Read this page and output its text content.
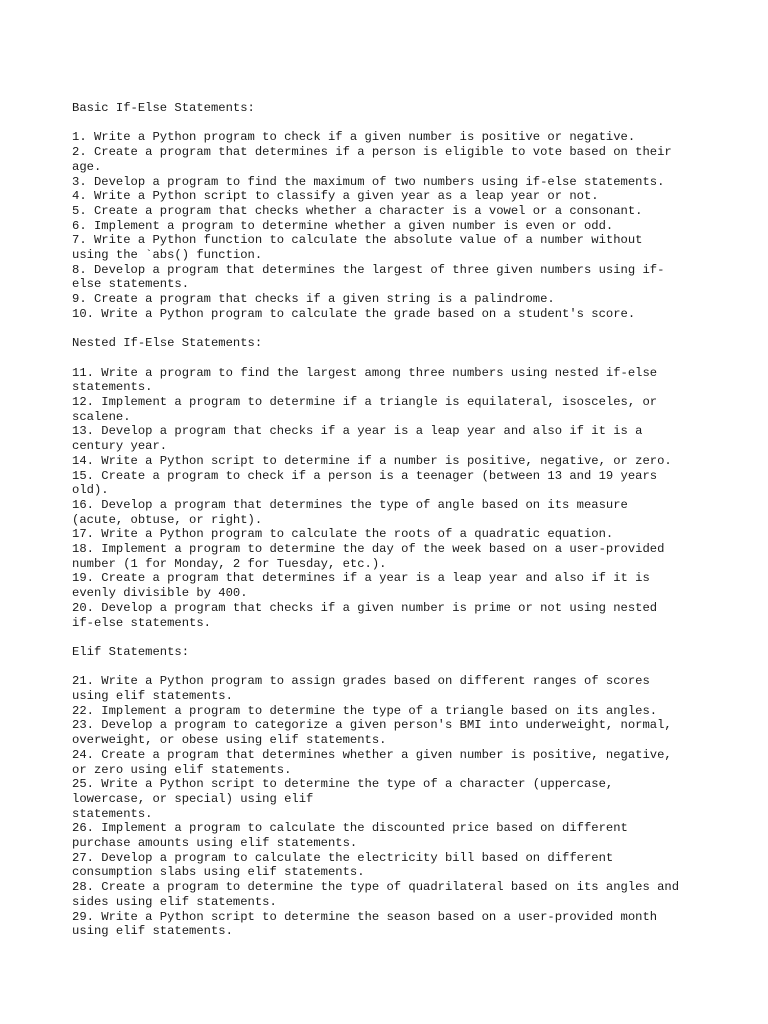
Basic If-Else Statements:
1. Write a Python program to check if a given number is positive or negative.
2. Create a program that determines if a person is eligible to vote based on their
age.
3. Develop a program to find the maximum of two numbers using if-else statements.
4. Write a Python script to classify a given year as a leap year or not.
5. Create a program that checks whether a character is a vowel or a consonant.
6. Implement a program to determine whether a given number is even or odd.
7. Write a Python function to calculate the absolute value of a number without
using the `abs() function.
8. Develop a program that determines the largest of three given numbers using if-
else statements.
9. Create a program that checks if a given string is a palindrome.
10. Write a Python program to calculate the grade based on a student's score.
Nested If-Else Statements:
11. Write a program to find the largest among three numbers using nested if-else
statements.
12. Implement a program to determine if a triangle is equilateral, isosceles, or
scalene.
13. Develop a program that checks if a year is a leap year and also if it is a
century year.
14. Write a Python script to determine if a number is positive, negative, or zero.
15. Create a program to check if a person is a teenager (between 13 and 19 years
old).
16. Develop a program that determines the type of angle based on its measure
(acute, obtuse, or right).
17. Write a Python program to calculate the roots of a quadratic equation.
18. Implement a program to determine the day of the week based on a user-provided
number (1 for Monday, 2 for Tuesday, etc.).
19. Create a program that determines if a year is a leap year and also if it is
evenly divisible by 400.
20. Develop a program that checks if a given number is prime or not using nested
if-else statements.
Elif Statements:
21. Write a Python program to assign grades based on different ranges of scores
using elif statements.
22. Implement a program to determine the type of a triangle based on its angles.
23. Develop a program to categorize a given person's BMI into underweight, normal,
overweight, or obese using elif statements.
24. Create a program that determines whether a given number is positive, negative,
or zero using elif statements.
25. Write a Python script to determine the type of a character (uppercase,
lowercase, or special) using elif
statements.
26. Implement a program to calculate the discounted price based on different
purchase amounts using elif statements.
27. Develop a program to calculate the electricity bill based on different
consumption slabs using elif statements.
28. Create a program to determine the type of quadrilateral based on its angles and
sides using elif statements.
29. Write a Python script to determine the season based on a user-provided month
using elif statements.
